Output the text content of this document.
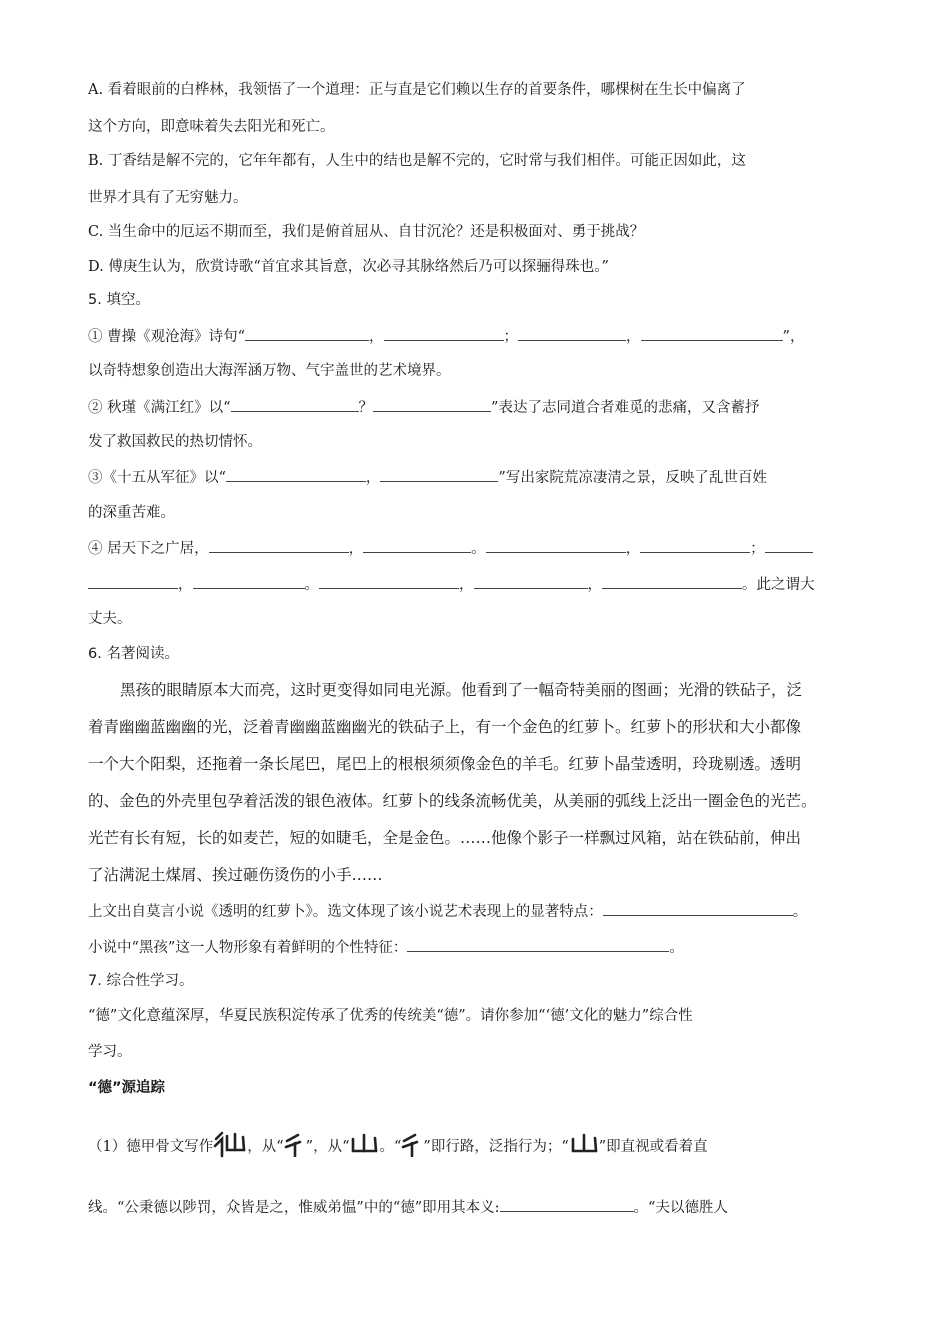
A. 看着眼前的白桦林，我领悟了一个道理：正与直是它们赖以生存的首要条件，哪棵树在生长中偏离了
这个方向，即意味着失去阳光和死亡。
B. 丁香结是解不完的，它年年都有，人生中的结也是解不完的，它时常与我们相伴。可能正因如此，这
世界才具有了无穷魅力。
C. 当生命中的厄运不期而至，我们是俯首屈从、自甘沉沦？还是积极面对、勇于挑战？
D. 傅庚生认为，欣赏诗歌“首宜求其旨意，次必寻其脉络然后乃可以探骊得珠也。”
5. 填空。
① 曹操《观沧海》诗句“	，	；	，	”，
以奇特想象创造出大海浑涵万物、气宇盖世的艺术境界。
② 秋瑾《满江红》以“	？	”表达了志同道合者难觅的悲痛，又含蓄抒
发了救国救民的热切情怀。
③《十五从军征》以“	，	”写出家院荒凉凄清之景，反映了乱世百姓
的深重苦难。
④ 居天下之广居，	，	。	，	；
，	。	，	，	。此之谓大
丈夫。
6. 名著阅读。
黑孩的眼睛原本大而亮，这时更变得如同电光源。他看到了一幅奇特美丽的图画；光滑的铁砧子，泛
着青幽幽蓝幽幽的光，泛着青幽幽蓝幽幽光的铁砧子上，有一个金色的红萝卜。红萝卜的形状和大小都像
一个大个阳梨，还拖着一条长尾巴，尾巴上的根根须须像金色的羊毛。红萝卜晶莹透明，玲珑剔透。透明
的、金色的外壳里包孕着活泼的银色液体。红萝卜的线条流畅优美，从美丽的弧线上泛出一圈金色的光芒。
光芒有长有短，长的如麦芒，短的如睫毛，全是金色。……他像个影子一样飘过风箱，站在铁砧前，伸出
了沾满泥土煤屑、挨过砸伤烫伤的小手……
上文出自莫言小说《透明的红萝卜》。选文体现了该小说艺术表现上的显著特点：	。
小说中“黑孩”这一人物形象有着鲜明的个性特征：	。
7. 综合性学习。
“德”文化意蕴深厚，华夏民族积淀传承了优秀的传统美“德”。请你参加“‘德’文化的魅力”综合性
学习。
“德”源追踪
（1）德甲骨文写作 ，从“ ”，从“ 。“ ”即行路，泛指行为；“ ”即直视或看着直
线。“公秉德以陟罚，众皆是之，惟威弟愠”中的“德”即用其本义:	。“夫以德胜人
